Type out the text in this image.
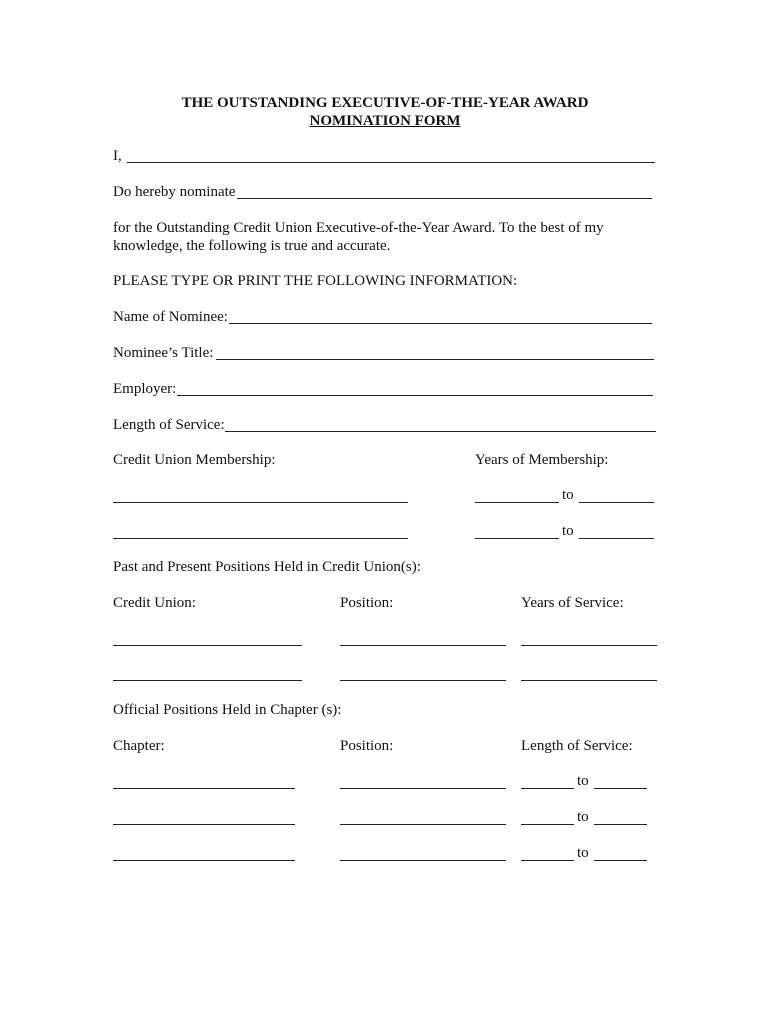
THE OUTSTANDING EXECUTIVE-OF-THE-YEAR AWARD
NOMINATION FORM
I,
Do hereby nominate
for the Outstanding Credit Union Executive-of-the-Year Award. To the best of my
knowledge, the following is true and accurate.
PLEASE TYPE OR PRINT THE FOLLOWING INFORMATION:
Name of Nominee:
Nominee’s Title:
Employer:
Length of Service:
Credit Union Membership:	Years of Membership:
to
to
Past and Present Positions Held in Credit Union(s):
Credit Union:	Position:	Years of Service:
Official Positions Held in Chapter (s):
Chapter:	Position:	Length of Service:
to
to
to
